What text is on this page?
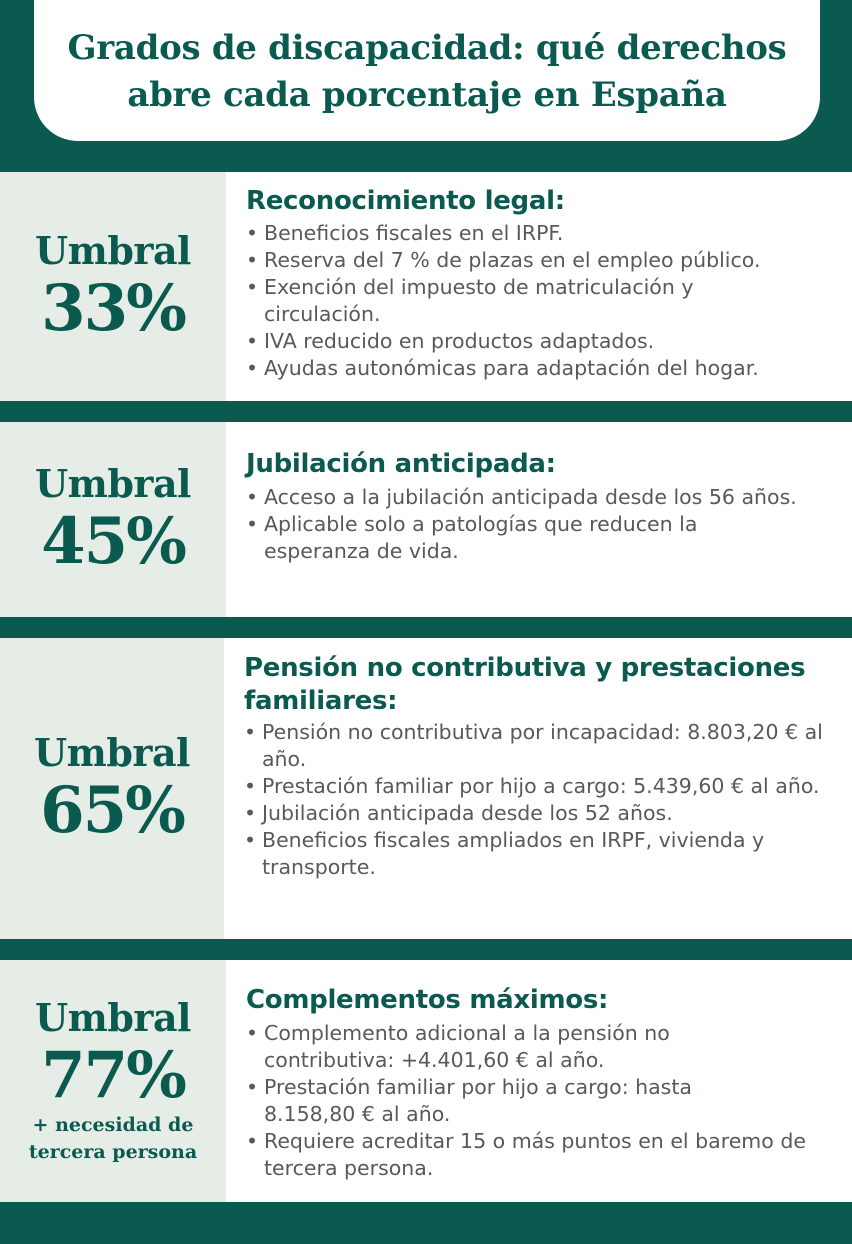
Grados de discapacidad: qué derechos
abre cada porcentaje en España
Umbral
33%
Reconocimiento legal:
• Beneficios fiscales en el IRPF.
• Reserva del 7 % de plazas en el empleo público.
• Exención del impuesto de matriculación y circulación.
• IVA reducido en productos adaptados.
• Ayudas autonómicas para adaptación del hogar.
Umbral
45%
Jubilación anticipada:
• Acceso a la jubilación anticipada desde los 56 años.
• Aplicable solo a patologías que reducen la esperanza de vida.
Umbral
65%
Pensión no contributiva y prestaciones
familiares:
• Pensión no contributiva por incapacidad: 8.803,20 € al año.
• Prestación familiar por hijo a cargo: 5.439,60 € al año.
• Jubilación anticipada desde los 52 años.
• Beneficios fiscales ampliados en IRPF, vivienda y transporte.
Umbral
77%
+ necesidad de
tercera persona
Complementos máximos:
• Complemento adicional a la pensión no contributiva: +4.401,60 € al año.
• Prestación familiar por hijo a cargo: hasta 8.158,80 € al año.
• Requiere acreditar 15 o más puntos en el baremo de tercera persona.
